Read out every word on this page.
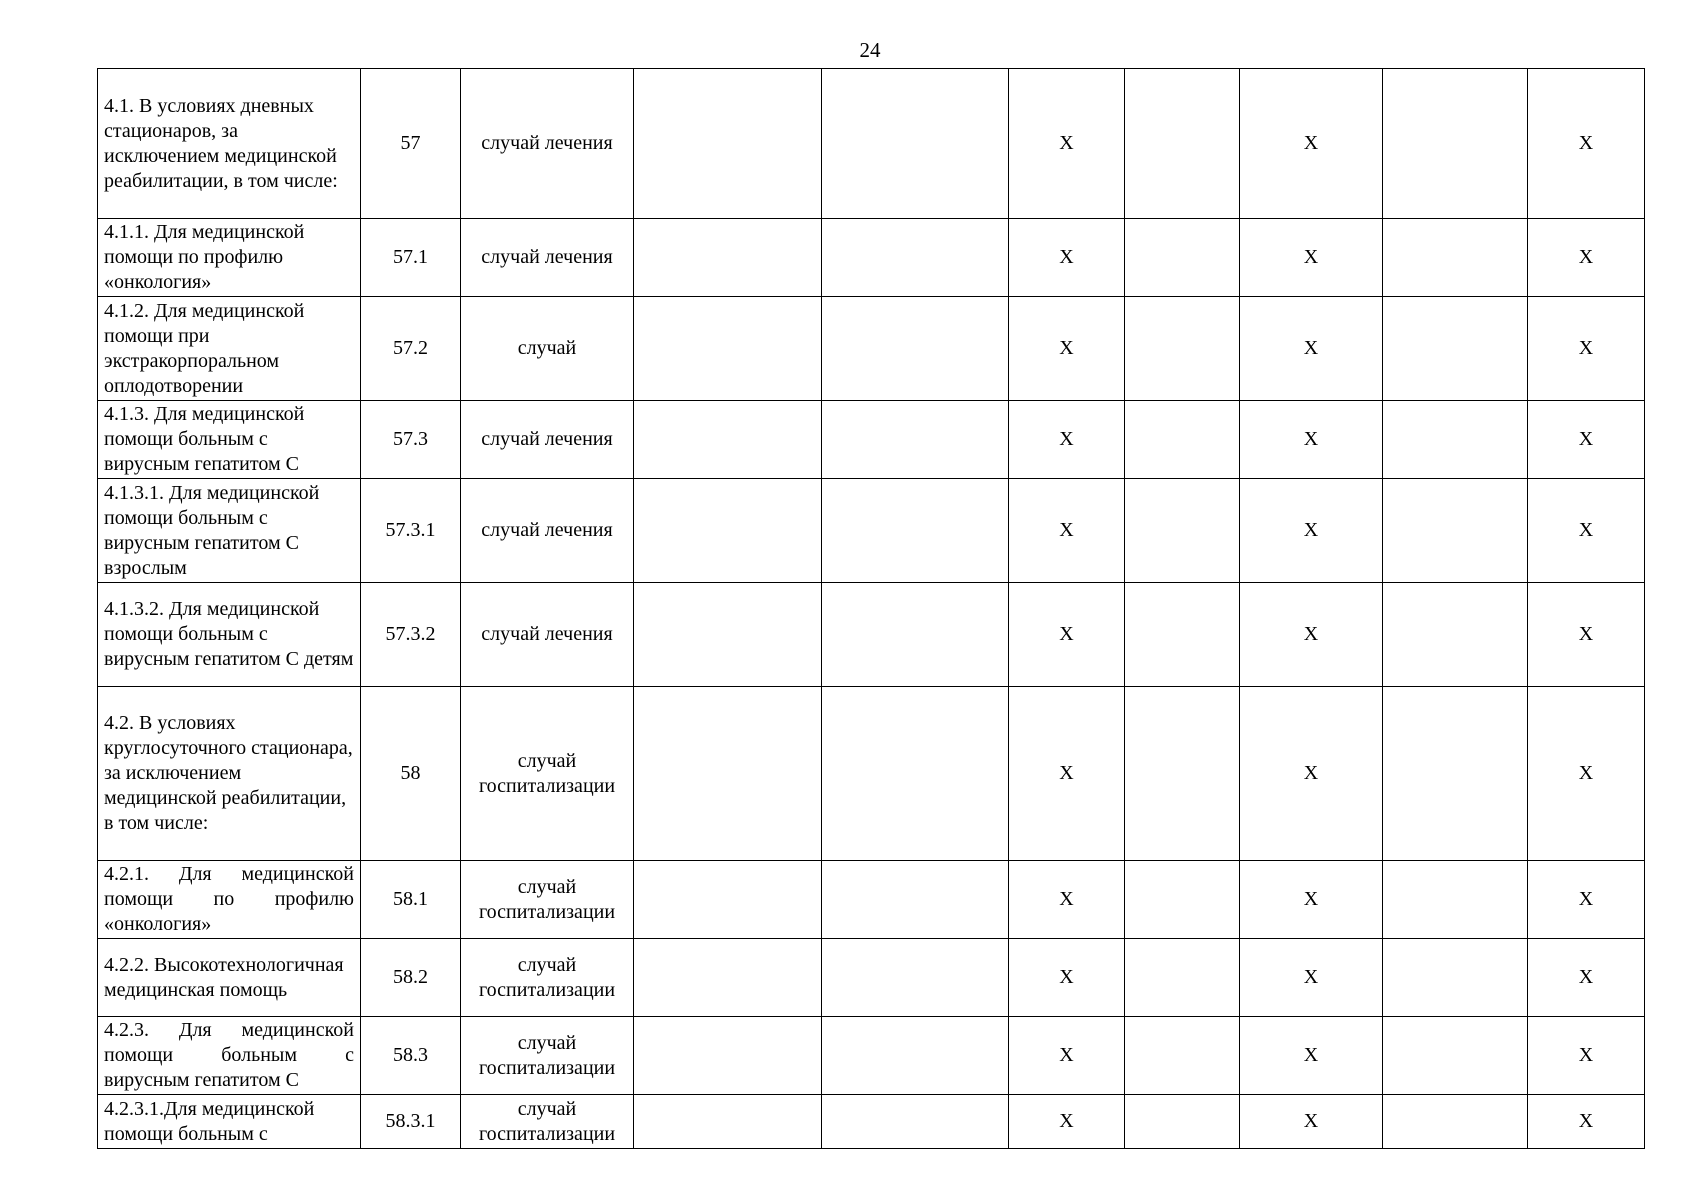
24
4.1. В условиях дневных стационаров, за исключением медицинской реабилитации, в том числе:	57	случай лечения			Х		Х		Х
4.1.1. Для медицинской помощи по профилю «онкология»	57.1	случай лечения			Х		Х		Х
4.1.2. Для медицинской помощи при экстракорпоральном оплодотворении	57.2	случай			Х		Х		Х
4.1.3. Для медицинской помощи больным с вирусным гепатитом С	57.3	случай лечения			Х		Х		Х
4.1.3.1. Для медицинской помощи больным с вирусным гепатитом С взрослым	57.3.1	случай лечения			Х		Х		Х
4.1.3.2. Для медицинской помощи больным с вирусным гепатитом С детям	57.3.2	случай лечения			Х		Х		Х
4.2. В условиях круглосуточного стационара, за исключением медицинской реабилитации, в том числе:	58	случай госпитализации			Х		Х		Х
4.2.1. Для медицинской помощи по профилю «онкология»	58.1	случай госпитализации			Х		Х		Х
4.2.2. Высокотехнологичная медицинская помощь	58.2	случай госпитализации			Х		Х		Х
4.2.3. Для медицинской помощи больным с вирусным гепатитом С	58.3	случай госпитализации			Х		Х		Х
4.2.3.1.Для медицинской помощи больным с	58.3.1	случай госпитализации			Х		Х		Х
